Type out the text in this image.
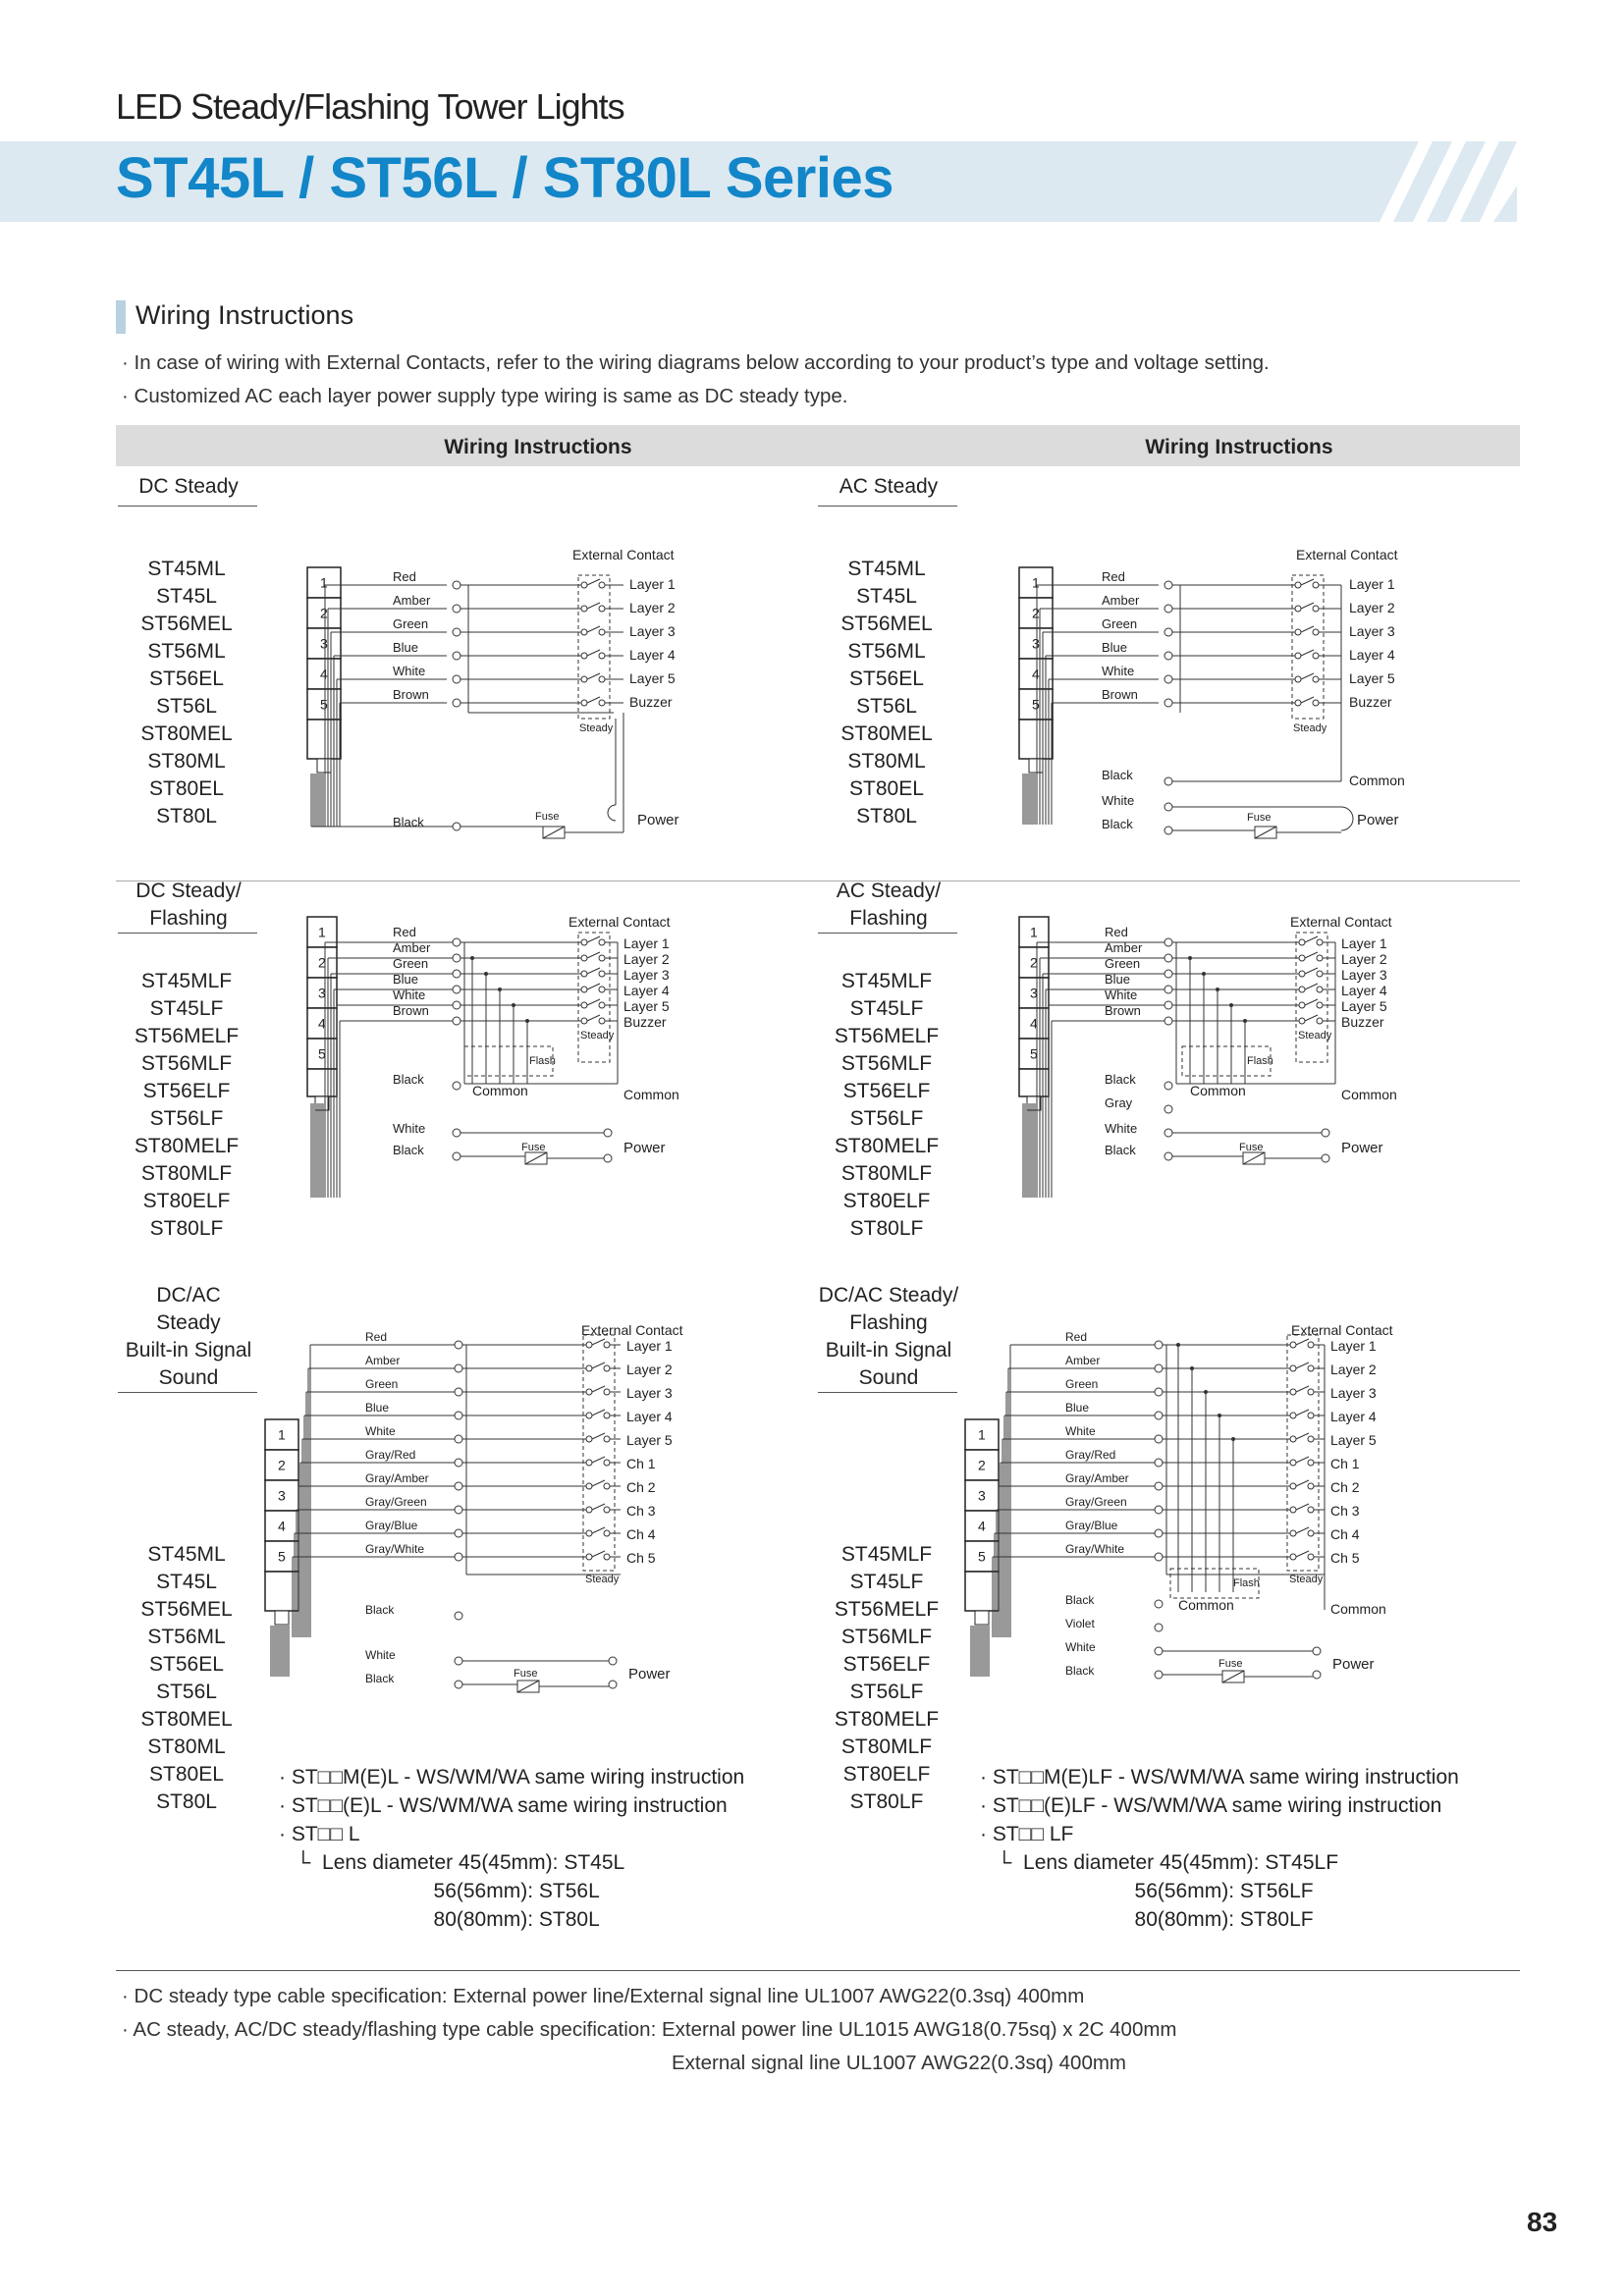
LED Steady/Flashing Tower Lights
ST45L / ST56L / ST80L Series
Wiring Instructions
· In case of wiring with External Contacts, refer to the wiring diagrams below according to your product’s type and voltage setting.
· Customized AC each layer power supply type wiring is same as DC steady type.
Wiring Instructions	Wiring Instructions
DC Steady	AC Steady
ST45ML
ST45L
ST56MEL
ST56ML
ST56EL
ST56L
ST80MEL
ST80ML
ST80EL
ST80L
ST45ML
ST45L
ST56MEL
ST56ML
ST56EL
ST56L
ST80MEL
ST80ML
ST80EL
ST80L
DC Steady/
Flashing
AC Steady/
Flashing
ST45MLF
ST45LF
ST56MELF
ST56MLF
ST56ELF
ST56LF
ST80MELF
ST80MLF
ST80ELF
ST80LF
ST45MLF
ST45LF
ST56MELF
ST56MLF
ST56ELF
ST56LF
ST80MELF
ST80MLF
ST80ELF
ST80LF
DC/AC
Steady
Built-in Signal
Sound
DC/AC Steady/
Flashing
Built-in Signal
Sound
ST45ML
ST45L
ST56MEL
ST56ML
ST56EL
ST56L
ST80MEL
ST80ML
ST80EL
ST80L
ST45MLF
ST45LF
ST56MELF
ST56MLF
ST56ELF
ST56LF
ST80MELF
ST80MLF
ST80ELF
ST80LF
· ST□□M(E)L - WS/WM/WA same wiring instruction
· ST□□(E)L - WS/WM/WA same wiring instruction
· ST□□ L
└  Lens diameter 45(45mm): ST45L
56(56mm): ST56L
80(80mm): ST80L
· ST□□M(E)LF - WS/WM/WA same wiring instruction
· ST□□(E)LF - WS/WM/WA same wiring instruction
· ST□□ LF
└  Lens diameter 45(45mm): ST45LF
56(56mm): ST56LF
80(80mm): ST80LF
1
2
3
4
5
External Contact
Red	Layer 1
Amber	Layer 2
Green	Layer 3
Blue	Layer 4
White	Layer 5
Brown	Buzzer
Steady
Black	Fuse	Power
1
2
3
4
5
External Contact
Red	Layer 1
Amber	Layer 2
Green	Layer 3
Blue	Layer 4
White	Layer 5
Brown	Buzzer
Steady
Black	Common
White
Black	Fuse	Power
1
2
3
4
5
External Contact
Red
Layer 1
Amber
Layer 2
Green
Layer 3
Blue
Layer 4
White
Layer 5
Brown
Buzzer
Flash
Steady
Common	Common
Black
White
Black	Fuse	Power
1
2
3
4
5
External Contact
Red
Layer 1
Amber
Layer 2
Green
Layer 3
Blue
Layer 4
White
Layer 5
Brown
Buzzer
Flash
Steady
Common	Common
Black
Gray
White
Black	Fuse	Power
1
2
3
4
5
External Contact
Red
Layer 1
Amber
Layer 2
Green
Layer 3
Blue
Layer 4
White
Layer 5
Gray/Red
Ch 1
Gray/Amber
Ch 2
Gray/Green
Ch 3
Gray/Blue
Ch 4
Gray/White
Ch 5
Steady
Black
White
Black	Fuse	Power
1
2
3
4
5
External Contact
Red
Layer 1
Amber
Layer 2
Green
Layer 3
Blue
Layer 4
White
Layer 5
Gray/Red
Ch 1
Gray/Amber
Ch 2
Gray/Green
Ch 3
Gray/Blue
Ch 4
Gray/White
Ch 5
Steady
Flash
Common	Common
Black
Violet
White
Black	Fuse	Power
· DC steady type cable specification: External power line/External signal line UL1007 AWG22(0.3sq) 400mm
· AC steady, AC/DC steady/flashing type cable specification: External power line UL1015 AWG18(0.75sq) x 2C 400mm
External signal line UL1007 AWG22(0.3sq) 400mm
83
